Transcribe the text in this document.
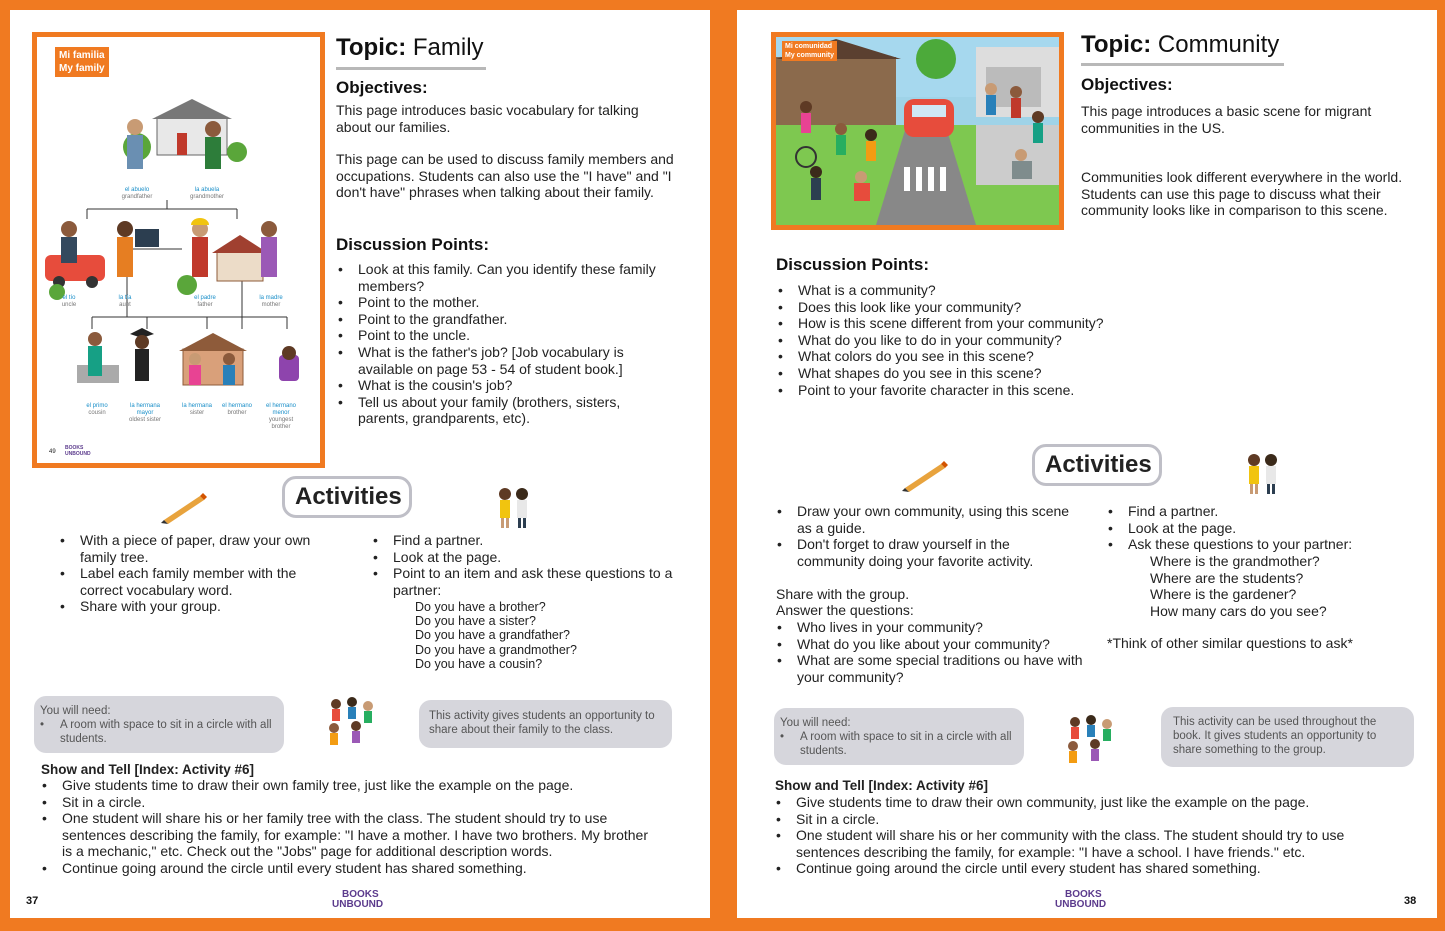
Mi familia
My family
el abuelo
grandfather
la abuela
grandmother
el tío
uncle
la tía
aunt
el padre
father
la madre
mother
el primo
cousin
la hermana mayor
oldest sister
la hermana
sister
el hermano
brother
el hermano menor
youngest brother
49
BOOKS
UNBOUND
Topic: Family
Objectives:
This page introduces basic vocabulary for talking about our families.
This page can be used to discuss family members and occupations. Students can also use the "I have" and "I don't have" phrases when talking about their family.
Discussion Points:
• Look at this family. Can you identify these family members?
• Point to the mother.
• Point to the grandfather.
• Point to the uncle.
• What is the father's job? [Job vocabulary is available on page 53 - 54 of student book.]
• What is the cousin's job?
• Tell us about your family (brothers, sisters, parents, grandparents, etc).
Activities
• With a piece of paper, draw your own family tree.
• Label each family member with the correct vocabulary word.
• Share with your group.
• Find a partner.
• Look at the page.
• Point to an item and ask these questions to a partner:
Do you have a brother?
Do you have a sister?
Do you have a grandfather?
Do you have a grandmother?
Do you have a cousin?
You will need:
• A room with space to sit in a circle with all students.
This activity gives students an opportunity to share about their family to the class.
Show and Tell [Index: Activity #6]
• Give students time to draw their own family tree, just like the example on the page.
• Sit in a circle.
• One student will share his or her family tree with the class. The student should try to use sentences describing the family, for example: "I have a mother. I have two brothers. My brother is a mechanic," etc. Check out the "Jobs" page for additional description words.
• Continue going around the circle until every student has shared something.
37
BOOKS
UNBOUND
Mi comunidad
My community	Topic: Community
Objectives:
This page introduces a basic scene for migrant communities in the US.
Communities look different everywhere in the world. Students can use this page to discuss what their community looks like in comparison to this scene.
Discussion Points:
• What is a community?
• Does this look like your community?
• How is this scene different from your community?
• What do you like to do in your community?
• What colors do you see in this scene?
• What shapes do you see in this scene?
• Point to your favorite character in this scene.
Activities
• Draw your own community, using this scene as a guide.
• Don't forget to draw yourself in the community doing your favorite activity.
Share with the group.
Answer the questions:
• Who lives in your community?
• What do you like about your community?
• What are some special traditions ou have with your community?
• Find a partner.
• Look at the page.
• Ask these questions to your partner:
Where is the grandmother?
Where are the students?
Where is the gardener?
How many cars do you see?
*Think of other similar questions to ask*
You will need:
• A room with space to sit in a circle with all students.
This activity can be used throughout the book. It gives students an opportunity to share something to the group.
Show and Tell [Index: Activity #6]
• Give students time to draw their own community, just like the example on the page.
• Sit in a circle.
• One student will share his or her community with the class. The student should try to use sentences describing the family, for example: "I have a school. I have friends." etc.
• Continue going around the circle until every student has shared something.
38
BOOKS
UNBOUND
